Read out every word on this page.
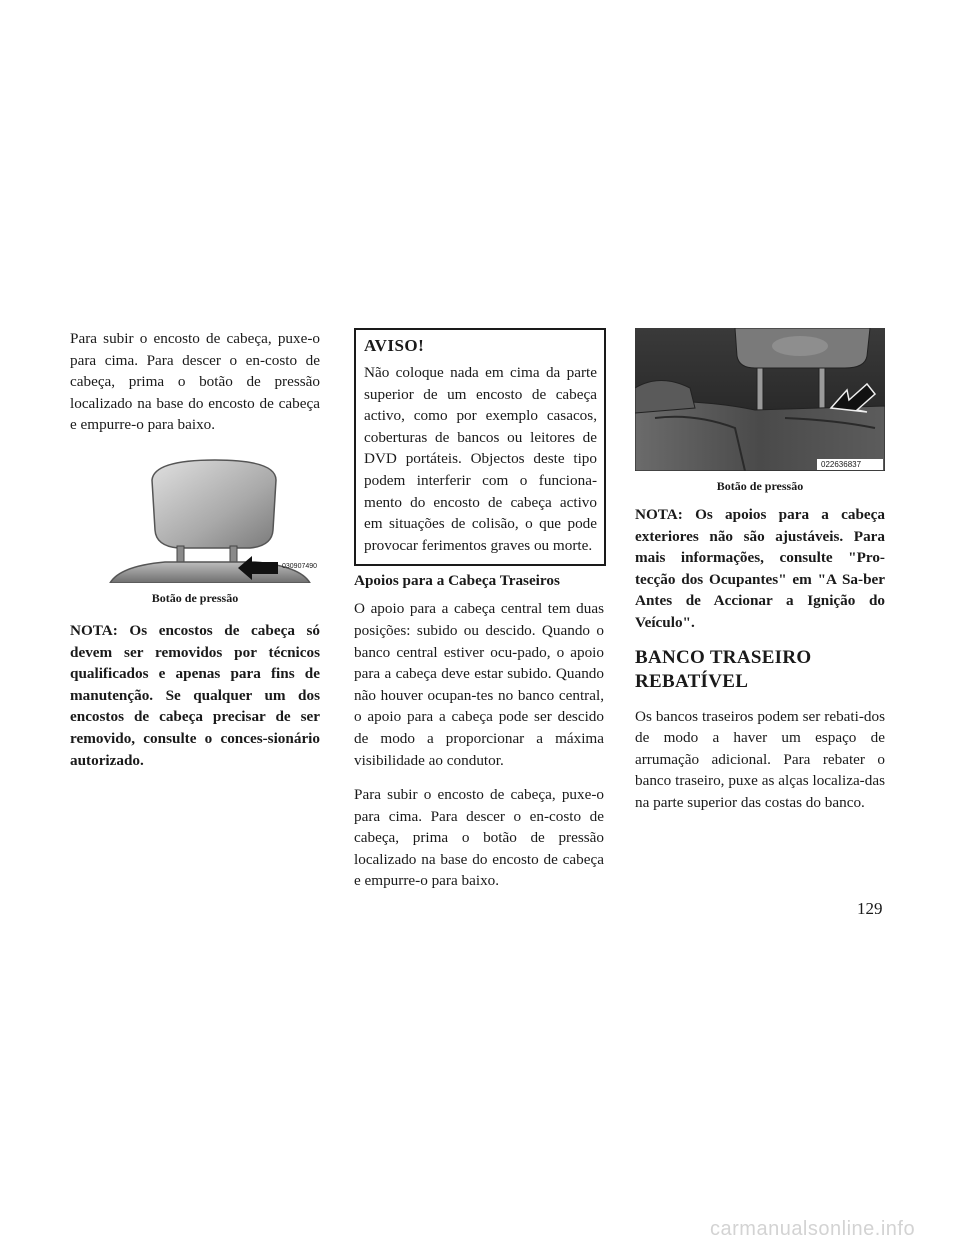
Para subir o encosto de cabeça, puxe-o para cima. Para descer o en-costo de cabeça, prima o botão de pressão localizado na base do encosto de cabeça e empurre-o para baixo.

030907490
Botão de pressão

NOTA: Os encostos de cabeça só devem ser removidos por técnicos qualificados e apenas para fins de manutenção. Se qualquer um dos encostos de cabeça precisar de ser removido, consulte o conces-sionário autorizado.

AVISO!

Não coloque nada em cima da parte superior de um encosto de cabeça activo, como por exemplo casacos, coberturas de bancos ou leitores de DVD portáteis. Objectos deste tipo podem interferir com o funciona-mento do encosto de cabeça activo em situações de colisão, o que pode provocar ferimentos graves ou morte.

Apoios para a Cabeça Traseiros

O apoio para a cabeça central tem duas posições: subido ou descido. Quando o banco central estiver ocu-pado, o apoio para a cabeça deve estar subido. Quando não houver ocupan-tes no banco central, o apoio para a cabeça pode ser descido de modo a proporcionar a máxima visibilidade ao condutor.

Para subir o encosto de cabeça, puxe-o para cima. Para descer o en-costo de cabeça, prima o botão de pressão localizado na base do encosto de cabeça e empurre-o para baixo.

022636837
Botão de pressão

NOTA: Os apoios para a cabeça exteriores não são ajustáveis. Para mais informações, consulte "Pro-tecção dos Ocupantes" em "A Sa-ber Antes de Accionar a Ignição do Veículo".

BANCO TRASEIRO
REBATÍVEL

Os bancos traseiros podem ser rebati-dos de modo a haver um espaço de arrumação adicional. Para rebater o banco traseiro, puxe as alças localiza-das na parte superior das costas do banco.

129
carmanualsonline.info
